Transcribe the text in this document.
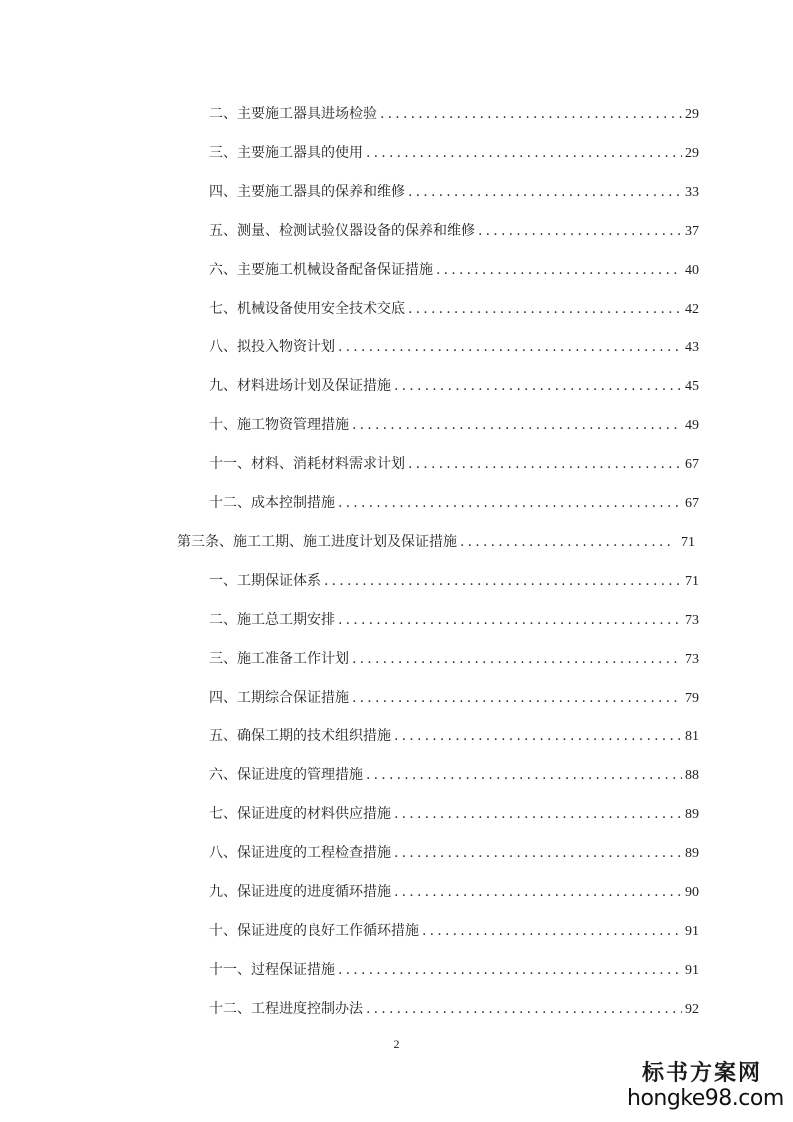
二、主要施工器具进场检验 .....	29
三、主要施工器具的使用 .....	29
四、主要施工器具的保养和维修 .....	33
五、测量、检测试验仪器设备的保养和维修 .....	37
六、主要施工机械设备配备保证措施 .....	40
七、机械设备使用安全技术交底 .....	42
八、拟投入物资计划 .....	43
九、材料进场计划及保证措施 .....	45
十、施工物资管理措施 .....	49
十一、材料、消耗材料需求计划 .....	67
十二、成本控制措施 .....	67
第三条、施工工期、施工进度计划及保证措施 .....	71
一、工期保证体系 .....	71
二、施工总工期安排 .....	73
三、施工准备工作计划 .....	73
四、工期综合保证措施 .....	79
五、确保工期的技术组织措施 .....	81
六、保证进度的管理措施 .....	88
七、保证进度的材料供应措施 .....	89
八、保证进度的工程检查措施 .....	89
九、保证进度的进度循环措施 .....	90
十、保证进度的良好工作循环措施 .....	91
十一、过程保证措施 .....	91
十二、工程进度控制办法 .....	92
2
标书方案网
hongke98.com
